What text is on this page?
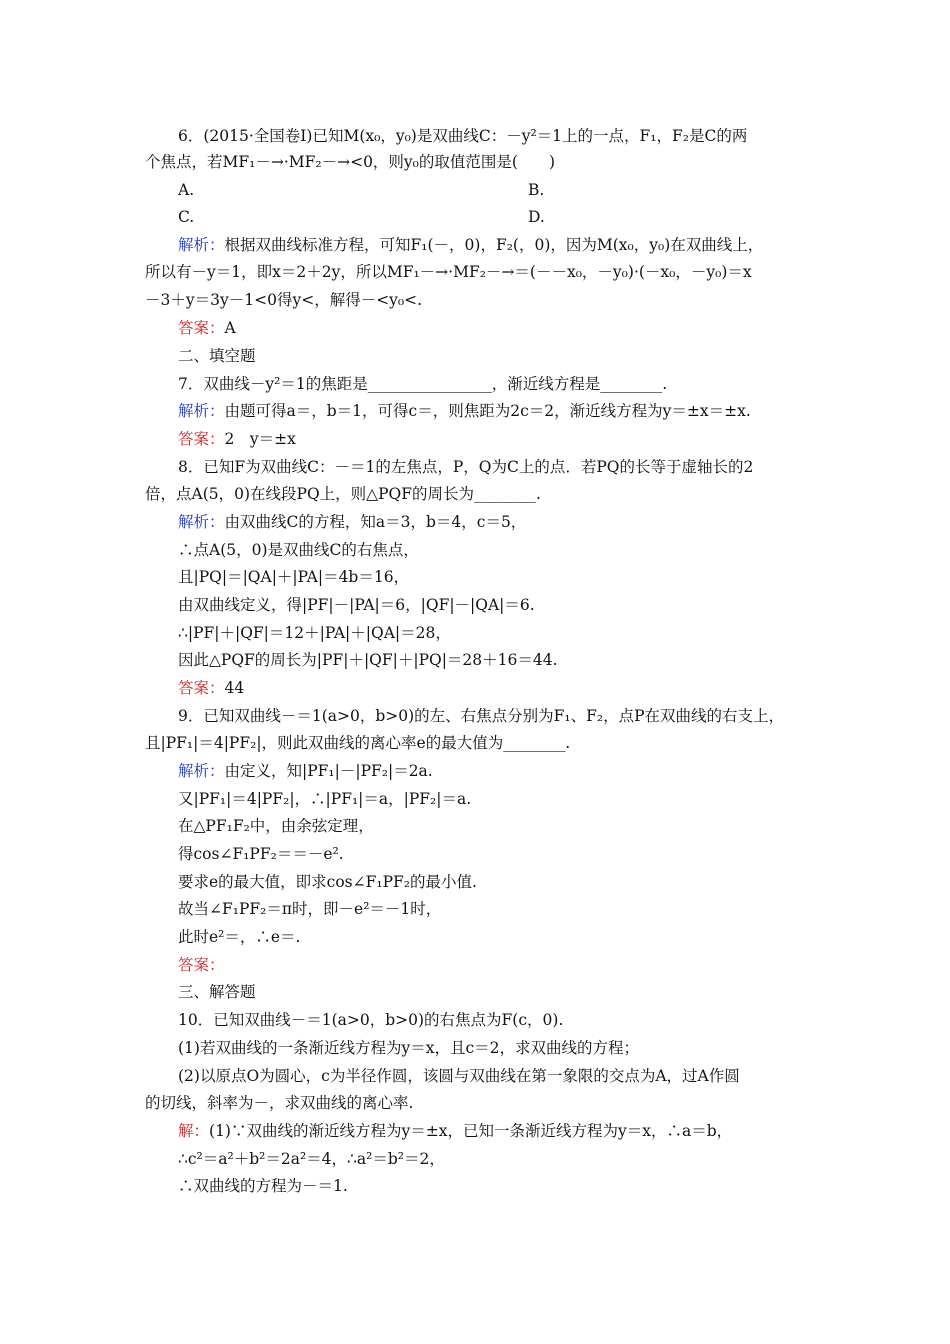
6．(2015·全国卷Ⅰ)已知M(x₀，y₀)是双曲线C：－y²＝1上的一点，F₁，F₂是C的两
个焦点，若MF₁－→·MF₂－→<0，则y₀的取值范围是(　　)
A.	B.
C.	D.
解析：根据双曲线标准方程，可知F₁(－，0)，F₂(，0)，因为M(x₀，y₀)在双曲线上，
所以有－y＝1，即x＝2＋2y，所以MF₁－→·MF₂－→＝(－－x₀，－y₀)·(－x₀，－y₀)＝x
－3＋y＝3y－1<0得y<，解得－<y₀<.
答案：A
二、填空题
7．双曲线－y²＝1的焦距是________________，渐近线方程是________.
解析：由题可得a＝，b＝1，可得c＝，则焦距为2c＝2，渐近线方程为y＝±x＝±x.
答案：2　y＝±x
8．已知F为双曲线C：－＝1的左焦点，P，Q为C上的点．若PQ的长等于虚轴长的2
倍，点A(5，0)在线段PQ上，则△PQF的周长为________.
解析：由双曲线C的方程，知a＝3，b＝4，c＝5，
∴点A(5，0)是双曲线C的右焦点，
且|PQ|＝|QA|＋|PA|＝4b＝16，
由双曲线定义，得|PF|－|PA|＝6，|QF|－|QA|＝6.
∴|PF|＋|QF|＝12＋|PA|＋|QA|＝28，
因此△PQF的周长为|PF|＋|QF|＋|PQ|＝28＋16＝44.
答案：44
9．已知双曲线－＝1(a>0，b>0)的左、右焦点分别为F₁、F₂，点P在双曲线的右支上，
且|PF₁|＝4|PF₂|，则此双曲线的离心率e的最大值为________.
解析：由定义，知|PF₁|－|PF₂|＝2a.
又|PF₁|＝4|PF₂|，∴|PF₁|＝a，|PF₂|＝a.
在△PF₁F₂中，由余弦定理，
得cos∠F₁PF₂＝＝－e².
要求e的最大值，即求cos∠F₁PF₂的最小值.
故当∠F₁PF₂＝π时，即－e²＝－1时，
此时e²＝，∴e＝.
答案：
三、解答题
10．已知双曲线－＝1(a>0，b>0)的右焦点为F(c，0).
(1)若双曲线的一条渐近线方程为y＝x，且c＝2，求双曲线的方程；
(2)以原点O为圆心，c为半径作圆，该圆与双曲线在第一象限的交点为A，过A作圆
的切线，斜率为－，求双曲线的离心率.
解：(1)∵双曲线的渐近线方程为y＝±x，已知一条渐近线方程为y＝x，∴a＝b，
∴c²＝a²＋b²＝2a²＝4，∴a²＝b²＝2，
∴双曲线的方程为－＝1.
